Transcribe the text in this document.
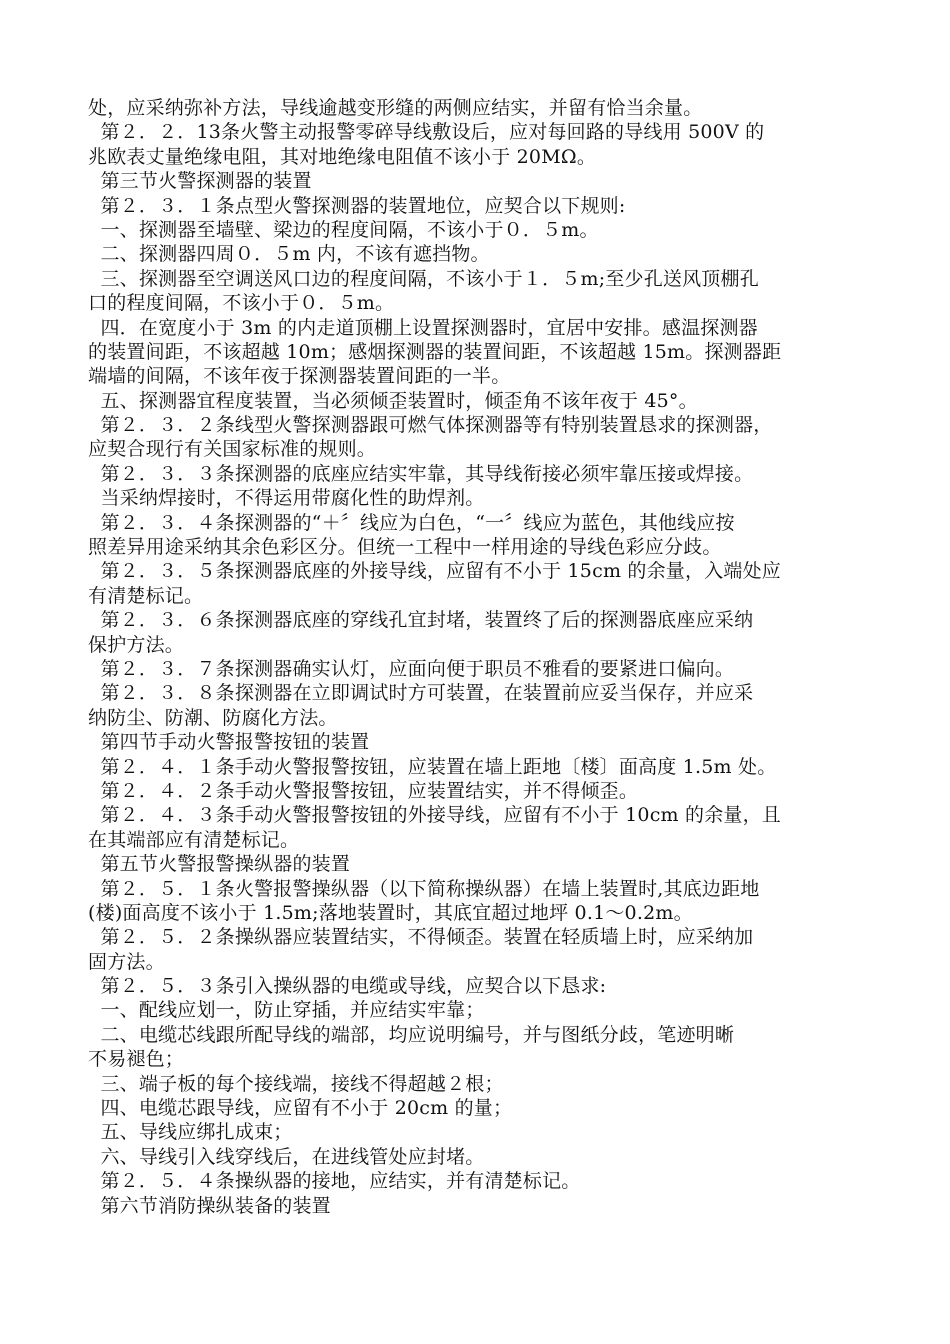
处，应采纳弥补方法，导线逾越变形缝的两侧应结实，并留有恰当余量。
第２．２．13条火警主动报警零碎导线敷设后，应对每回路的导线用 500V 的
兆欧表丈量绝缘电阻，其对地绝缘电阻值不该小于 20MΩ。
第三节火警探测器的装置
第２．３．１条点型火警探测器的装置地位，应契合以下规则:
一、探测器至墙壁、梁边的程度间隔，不该小于０．５m。
二、探测器四周０．５m 内，不该有遮挡物。
三、探测器至空调送风口边的程度间隔，不该小于１．５m;至少孔送风顶棚孔
口的程度间隔，不该小于０．５m。
四．在宽度小于 3m 的内走道顶棚上设置探测器时，宜居中安排。感温探测器
的装置间距，不该超越 10m；感烟探测器的装置间距，不该超越 15m。探测器距
端墙的间隔，不该年夜于探测器装置间距的一半。
五、探测器宜程度装置，当必须倾歪装置时，倾歪角不该年夜于 45°。
第２．３．２条线型火警探测器跟可燃气体探测器等有特别装置恳求的探测器，
应契合现行有关国家标准的规则。
第２．３．３条探测器的底座应结实牢靠，其导线衔接必须牢靠压接或焊接。
当采纳焊接时，不得运用带腐化性的助焊剂。
第２．３．４条探测器的“＋〞线应为白色，“一〞线应为蓝色，其他线应按
照差异用途采纳其余色彩区分。但统一工程中一样用途的导线色彩应分歧。
第２．３．５条探测器底座的外接导线，应留有不小于 15cm 的余量，入端处应
有清楚标记。
第２．３．６条探测器底座的穿线孔宜封堵，装置终了后的探测器底座应采纳
保护方法。
第２．３．７条探测器确实认灯，应面向便于职员不雅看的要紧进口偏向。
第２．３．８条探测器在立即调试时方可装置，在装置前应妥当保存，并应采
纳防尘、防潮、防腐化方法。
第四节手动火警报警按钮的装置
第２．４．１条手动火警报警按钮，应装置在墙上距地〔楼〕面高度 1.5m 处。
第２．４．２条手动火警报警按钮，应装置结实，并不得倾歪。
第２．４．３条手动火警报警按钮的外接导线，应留有不小于 10cm 的余量，且
在其端部应有清楚标记。
第五节火警报警操纵器的装置
第２．５．１条火警报警操纵器（以下简称操纵器）在墙上装置时,其底边距地
(楼)面高度不该小于 1.5m;落地装置时，其底宜超过地坪 0.1～0.2m。
第２．５．２条操纵器应装置结实，不得倾歪。装置在轻质墙上时，应采纳加
固方法。
第２．５．３条引入操纵器的电缆或导线，应契合以下恳求:
一、配线应划一，防止穿插，并应结实牢靠；
二、电缆芯线跟所配导线的端部，均应说明编号，并与图纸分歧，笔迹明晰
不易褪色；
三、端子板的每个接线端，接线不得超越２根；
四、电缆芯跟导线，应留有不小于 20cm 的量；
五、导线应绑扎成束；
六、导线引入线穿线后，在进线管处应封堵。
第２．５．４条操纵器的接地，应结实，并有清楚标记。
第六节消防操纵装备的装置
